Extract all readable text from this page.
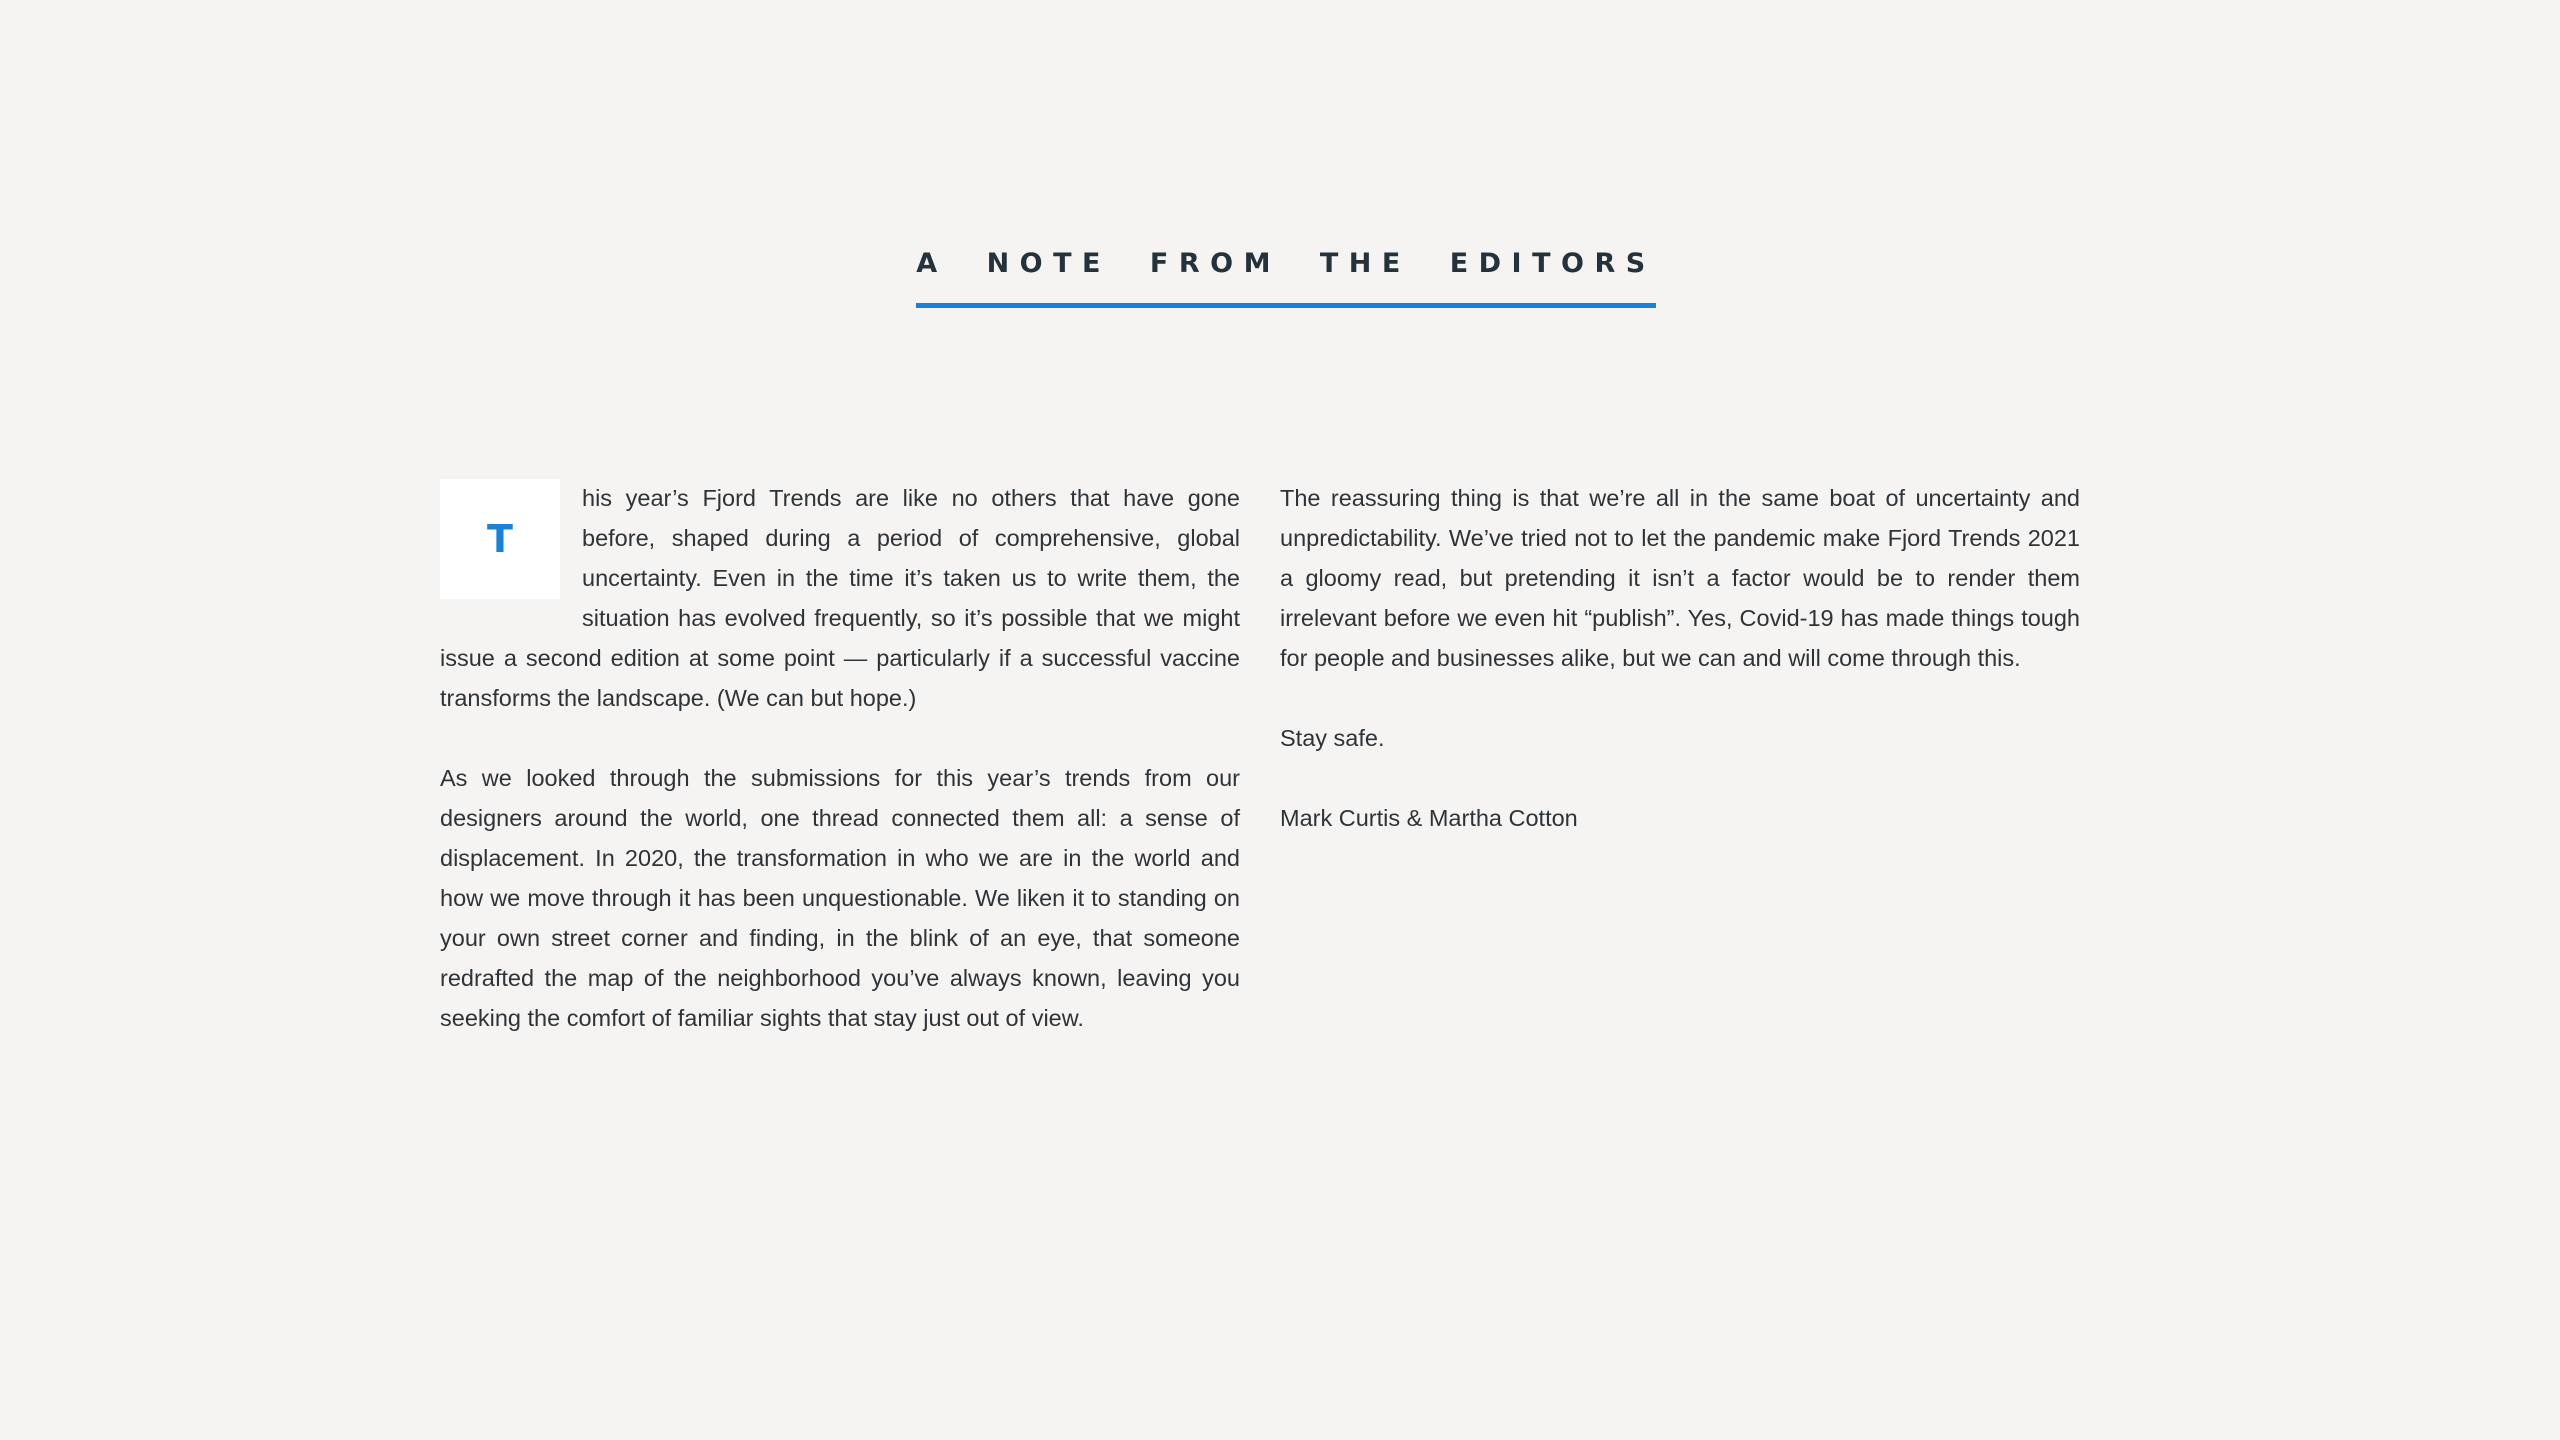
A NOTE FROM THE EDITORS

T
his year’s Fjord Trends are like no others that have gone before, shaped during a period of comprehensive, global uncertainty. Even in the time it’s taken us to write them, the situation has evolved frequently, so it’s possible that we might issue a second edition at some point — particularly if a successful vaccine transforms the landscape. (We can but hope.)

As we looked through the submissions for this year’s trends from our designers around the world, one thread connected them all: a sense of displacement. In 2020, the transformation in who we are in the world and how we move through it has been unquestionable. We liken it to standing on your own street corner and finding, in the blink of an eye, that someone redrafted the map of the neighborhood you’ve always known, leaving you seeking the comfort of familiar sights that stay just out of view.

The reassuring thing is that we’re all in the same boat of uncertainty and unpredictability. We’ve tried not to let the pandemic make Fjord Trends 2021 a gloomy read, but pretending it isn’t a factor would be to render them irrelevant before we even hit “publish”. Yes, Covid-19 has made things tough for people and businesses alike, but we can and will come through this.

Stay safe.

Mark Curtis & Martha Cotton
